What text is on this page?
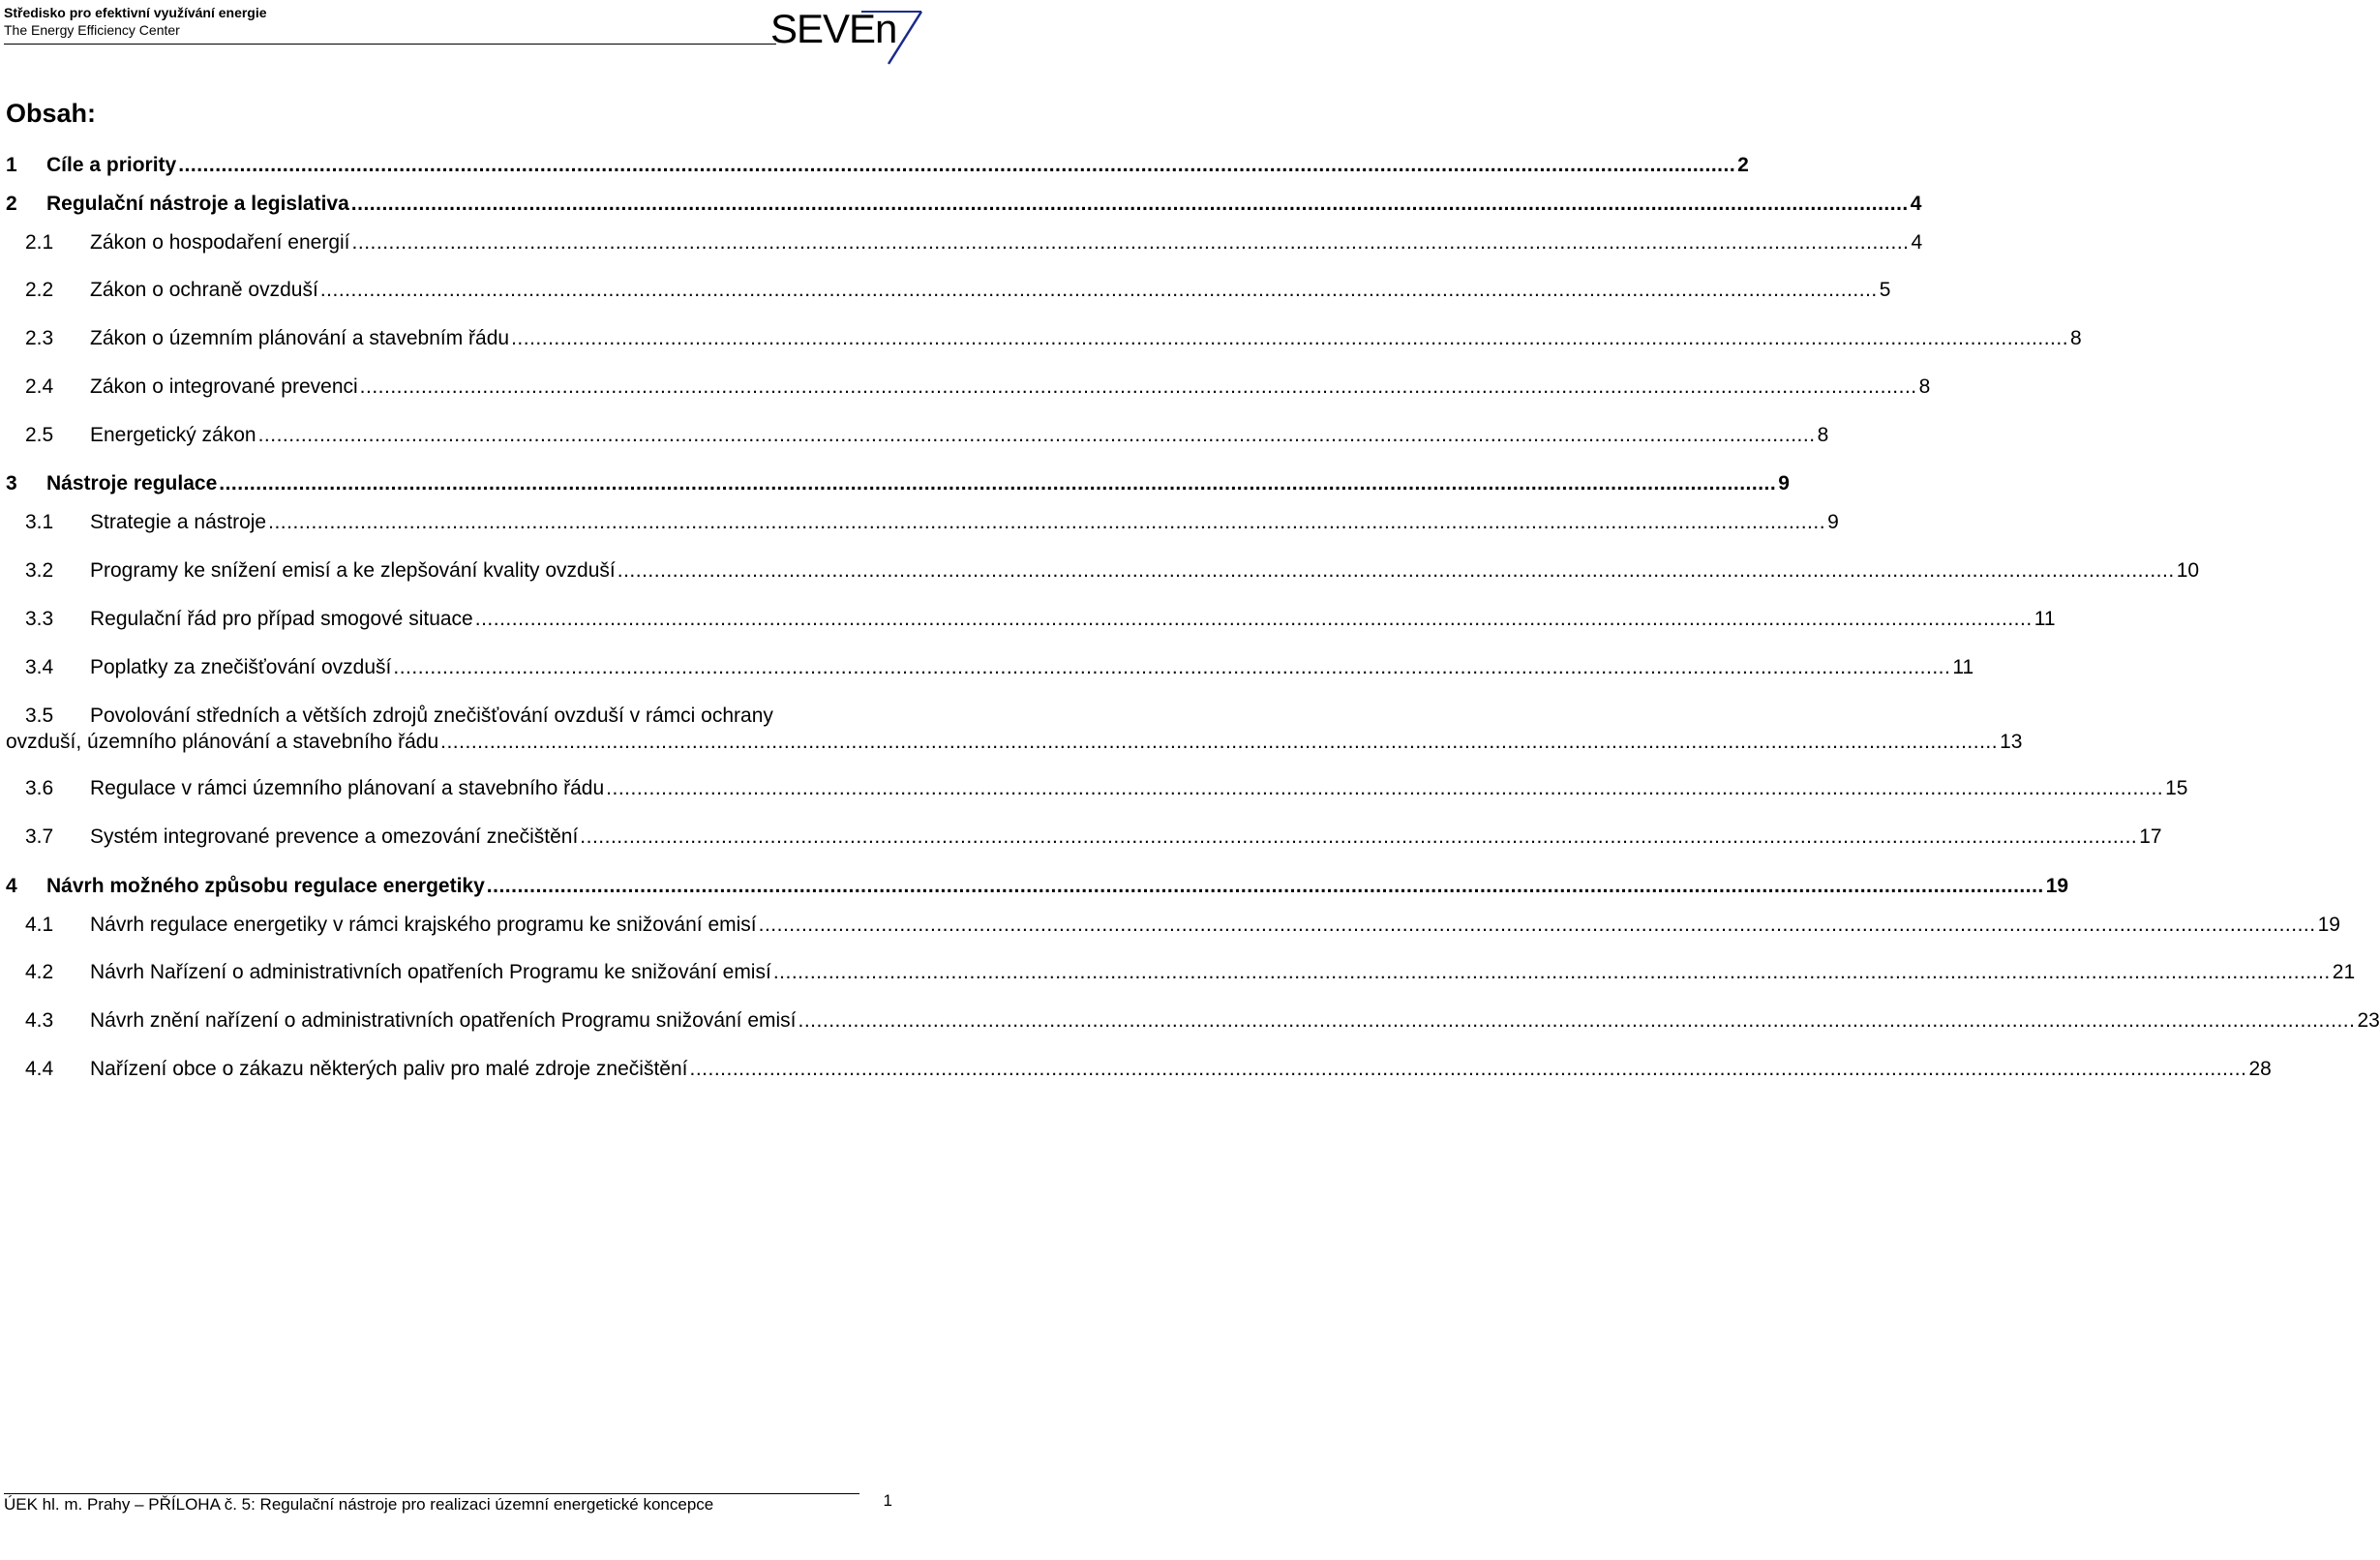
Středisko pro efektivní využívání energie
The Energy Efficiency Center	SEVEn
Obsah:
1	Cíle a priority .....	2
2	Regulační nástroje a legislativa .....	4
2.1	Zákon o hospodaření energií .....	4
2.2	Zákon o ochraně ovzduší .....	5
2.3	Zákon o územním plánování a stavebním řádu .....	8
2.4	Zákon o integrované prevenci .....	8
2.5	Energetický zákon .....	8
3	Nástroje regulace .....	9
3.1	Strategie a nástroje .....	9
3.2	Programy ke snížení emisí a ke zlepšování kvality ovzduší .....	10
3.3	Regulační řád pro případ smogové situace .....	11
3.4	Poplatky za znečišťování ovzduší .....	11
3.5 Povolování středních a větších zdrojů znečišťování ovzduší v rámci ochrany
ovzduší, územního plánování a stavebního řádu .....	13
3.6	Regulace v rámci územního plánovaní a stavebního řádu .....	15
3.7	Systém integrované prevence a omezování znečištění .....	17
4	Návrh možného způsobu regulace energetiky .....	19
4.1	Návrh regulace energetiky v rámci krajského programu ke snižování emisí .....	19
4.2	Návrh Nařízení o administrativních opatřeních Programu ke snižování emisí .....	21
4.3	Návrh znění nařízení o administrativních opatřeních Programu snižování emisí .....	23
4.4	Nařízení obce o zákazu některých paliv pro malé zdroje znečištění .....	28
ÚEK hl. m. Prahy – PŘÍLOHA č. 5: Regulační nástroje pro realizaci územní energetické koncepce	1
